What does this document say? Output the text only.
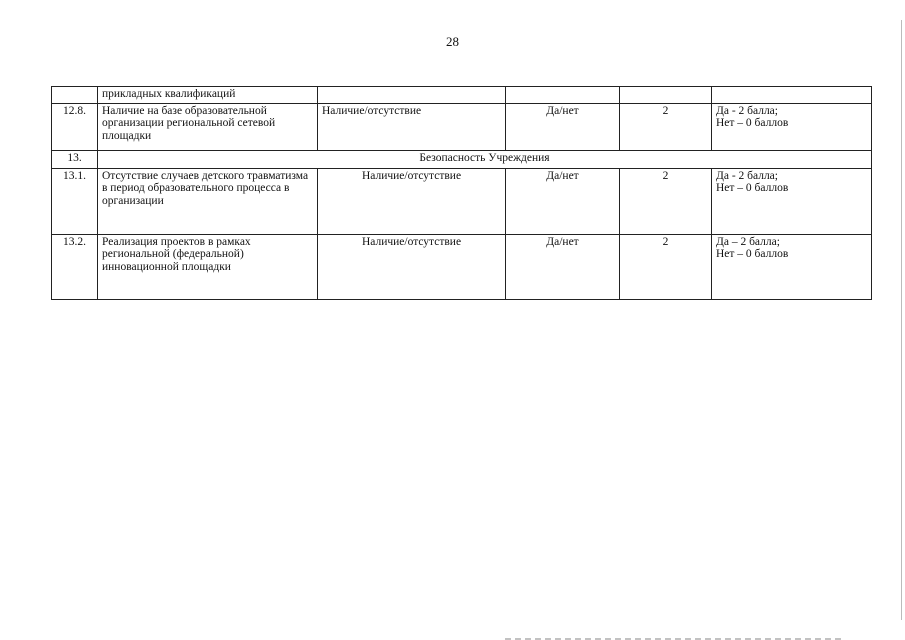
28
	прикладных квалификаций				
12.8.	Наличие на базе образовательной организации региональной сетевой площадки	Наличие/отсутствие	Да/нет	2	Да - 2 балла;
Нет – 0 баллов
13.	Безопасность Учреждения				
13.1.	Отсутствие случаев детского травматизма в период образовательного процесса в организации	Наличие/отсутствие	Да/нет	2	Да - 2 балла;
Нет – 0 баллов
13.2.	Реализация проектов в рамках региональной (федеральной) инновационной площадки	Наличие/отсутствие	Да/нет	2	Да – 2 балла;
Нет – 0 баллов
